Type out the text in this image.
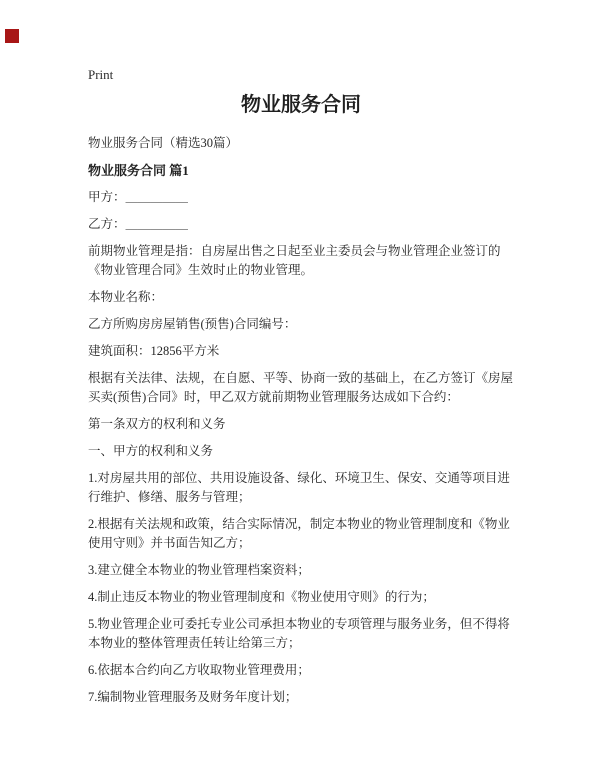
Print
物业服务合同

物业服务合同（精选30篇）

物业服务合同 篇1

甲方：＿＿＿＿＿

乙方：＿＿＿＿＿

前期物业管理是指：自房屋出售之日起至业主委员会与物业管理企业签订的《物业管理合同》生效时止的物业管理。

本物业名称：

乙方所购房房屋销售(预售)合同编号：

建筑面积：12856平方米

根据有关法律、法规，在自愿、平等、协商一致的基础上，在乙方签订《房屋买卖(预售)合同》时，甲乙双方就前期物业管理服务达成如下合约：

第一条双方的权利和义务

一、甲方的权利和义务

1.对房屋共用的部位、共用设施设备、绿化、环境卫生、保安、交通等项目进行维护、修缮、服务与管理；

2.根据有关法规和政策，结合实际情况，制定本物业的物业管理制度和《物业使用守则》并书面告知乙方；

3.建立健全本物业的物业管理档案资料；

4.制止违反本物业的物业管理制度和《物业使用守则》的行为；

5.物业管理企业可委托专业公司承担本物业的专项管理与服务业务，但不得将本物业的整体管理责任转让给第三方；

6.依据本合约向乙方收取物业管理费用；

7.编制物业管理服务及财务年度计划；
